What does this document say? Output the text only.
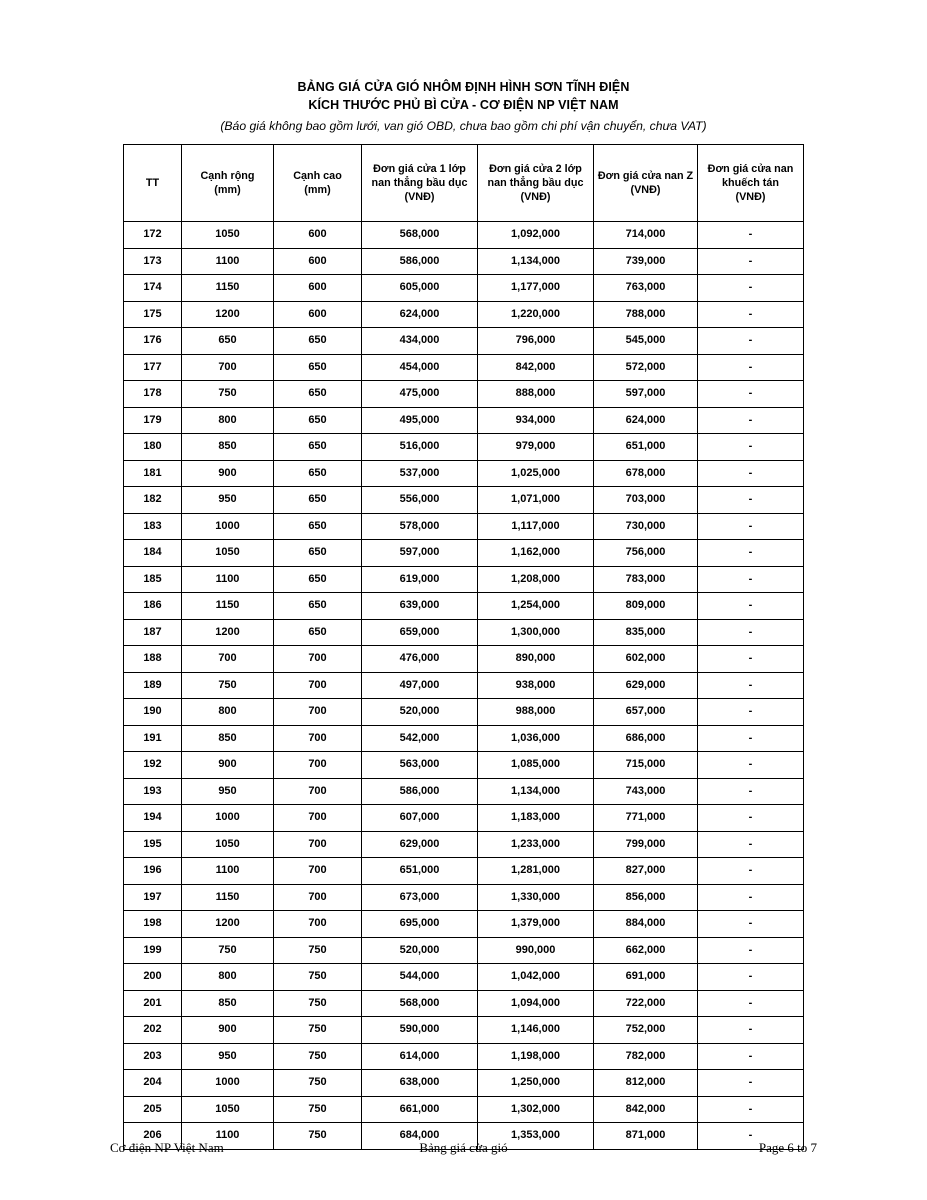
BẢNG GIÁ CỬA GIÓ NHÔM ĐỊNH HÌNH SƠN TĨNH ĐIỆN
KÍCH THƯỚC PHỦ BÌ CỬA - CƠ ĐIỆN NP VIỆT NAM
(Báo giá không bao gồm lưới, van gió OBD, chưa bao gồm chi phí vận chuyển, chưa VAT)
TT

Cạnh rộng
(mm)

Cạnh cao
(mm)

Đơn giá cửa 1 lớp nan thẳng bầu dục
(VNĐ)

Đơn giá cửa 2 lớp nan thẳng bầu dục
(VNĐ)

Đơn giá cửa nan Z
(VNĐ)

Đơn giá cửa nan khuếch tán
(VNĐ)

172	1050	600	568,000	1,092,000	714,000	-
173	1100	600	586,000	1,134,000	739,000	-
174	1150	600	605,000	1,177,000	763,000	-
175	1200	600	624,000	1,220,000	788,000	-
176	650	650	434,000	796,000	545,000	-
177	700	650	454,000	842,000	572,000	-
178	750	650	475,000	888,000	597,000	-
179	800	650	495,000	934,000	624,000	-
180	850	650	516,000	979,000	651,000	-
181	900	650	537,000	1,025,000	678,000	-
182	950	650	556,000	1,071,000	703,000	-
183	1000	650	578,000	1,117,000	730,000	-
184	1050	650	597,000	1,162,000	756,000	-
185	1100	650	619,000	1,208,000	783,000	-
186	1150	650	639,000	1,254,000	809,000	-
187	1200	650	659,000	1,300,000	835,000	-
188	700	700	476,000	890,000	602,000	-
189	750	700	497,000	938,000	629,000	-
190	800	700	520,000	988,000	657,000	-
191	850	700	542,000	1,036,000	686,000	-
192	900	700	563,000	1,085,000	715,000	-
193	950	700	586,000	1,134,000	743,000	-
194	1000	700	607,000	1,183,000	771,000	-
195	1050	700	629,000	1,233,000	799,000	-
196	1100	700	651,000	1,281,000	827,000	-
197	1150	700	673,000	1,330,000	856,000	-
198	1200	700	695,000	1,379,000	884,000	-
199	750	750	520,000	990,000	662,000	-
200	800	750	544,000	1,042,000	691,000	-
201	850	750	568,000	1,094,000	722,000	-
202	900	750	590,000	1,146,000	752,000	-
203	950	750	614,000	1,198,000	782,000	-
204	1000	750	638,000	1,250,000	812,000	-
205	1050	750	661,000	1,302,000	842,000	-
206	1100	750	684,000	1,353,000	871,000	-
Cơ điện NP Việt Nam	Bảng giá cửa gió	Page 6 to 7
